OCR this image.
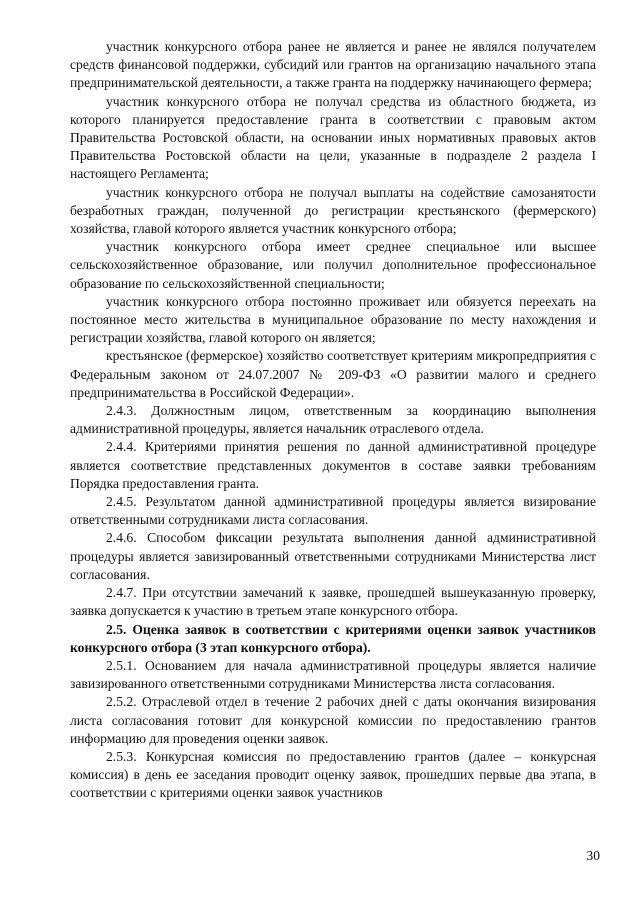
участник конкурсного отбора ранее не является и ранее не являлся получателем средств финансовой поддержки, субсидий или грантов на организацию начального этапа предпринимательской деятельности, а также гранта на поддержку начинающего фермера;

участник конкурсного отбора не получал средства из областного бюджета, из которого планируется предоставление гранта в соответствии с правовым актом Правительства Ростовской области, на основании иных нормативных правовых актов Правительства Ростовской области на цели, указанные в подразделе 2 раздела I настоящего Регламента;

участник конкурсного отбора не получал выплаты на содействие самозанятости безработных граждан, полученной до регистрации крестьянского (фермерского) хозяйства, главой которого является участник конкурсного отбора;

участник конкурсного отбора имеет среднее специальное или высшее сельскохозяйственное образование, или получил дополнительное профессиональное образование по сельскохозяйственной специальности;

участник конкурсного отбора постоянно проживает или обязуется переехать на постоянное место жительства в муниципальное образование по месту нахождения и регистрации хозяйства, главой которого он является;

крестьянское (фермерское) хозяйство соответствует критериям микропредприятия с Федеральным законом от 24.07.2007 № 209-ФЗ «О развитии малого и среднего предпринимательства в Российской Федерации».

2.4.3. Должностным лицом, ответственным за координацию выполнения административной процедуры, является начальник отраслевого отдела.

2.4.4. Критериями принятия решения по данной административной процедуре является соответствие представленных документов в составе заявки требованиям Порядка предоставления гранта.

2.4.5. Результатом данной административной процедуры является визирование ответственными сотрудниками листа согласования.

2.4.6. Способом фиксации результата выполнения данной административной процедуры является завизированный ответственными сотрудниками Министерства лист согласования.

2.4.7. При отсутствии замечаний к заявке, прошедшей вышеуказанную проверку, заявка допускается к участию в третьем этапе конкурсного отбора.

2.5. Оценка заявок в соответствии с критериями оценки заявок участников конкурсного отбора (3 этап конкурсного отбора).

2.5.1. Основанием для начала административной процедуры является наличие завизированного ответственными сотрудниками Министерства листа согласования.

2.5.2. Отраслевой отдел в течение 2 рабочих дней с даты окончания визирования листа согласования готовит для конкурсной комиссии по предоставлению грантов информацию для проведения оценки заявок.

2.5.3. Конкурсная комиссия по предоставлению грантов (далее – конкурсная комиссия) в день ее заседания проводит оценку заявок, прошедших первые два этапа, в соответствии с критериями оценки заявок участников

30
